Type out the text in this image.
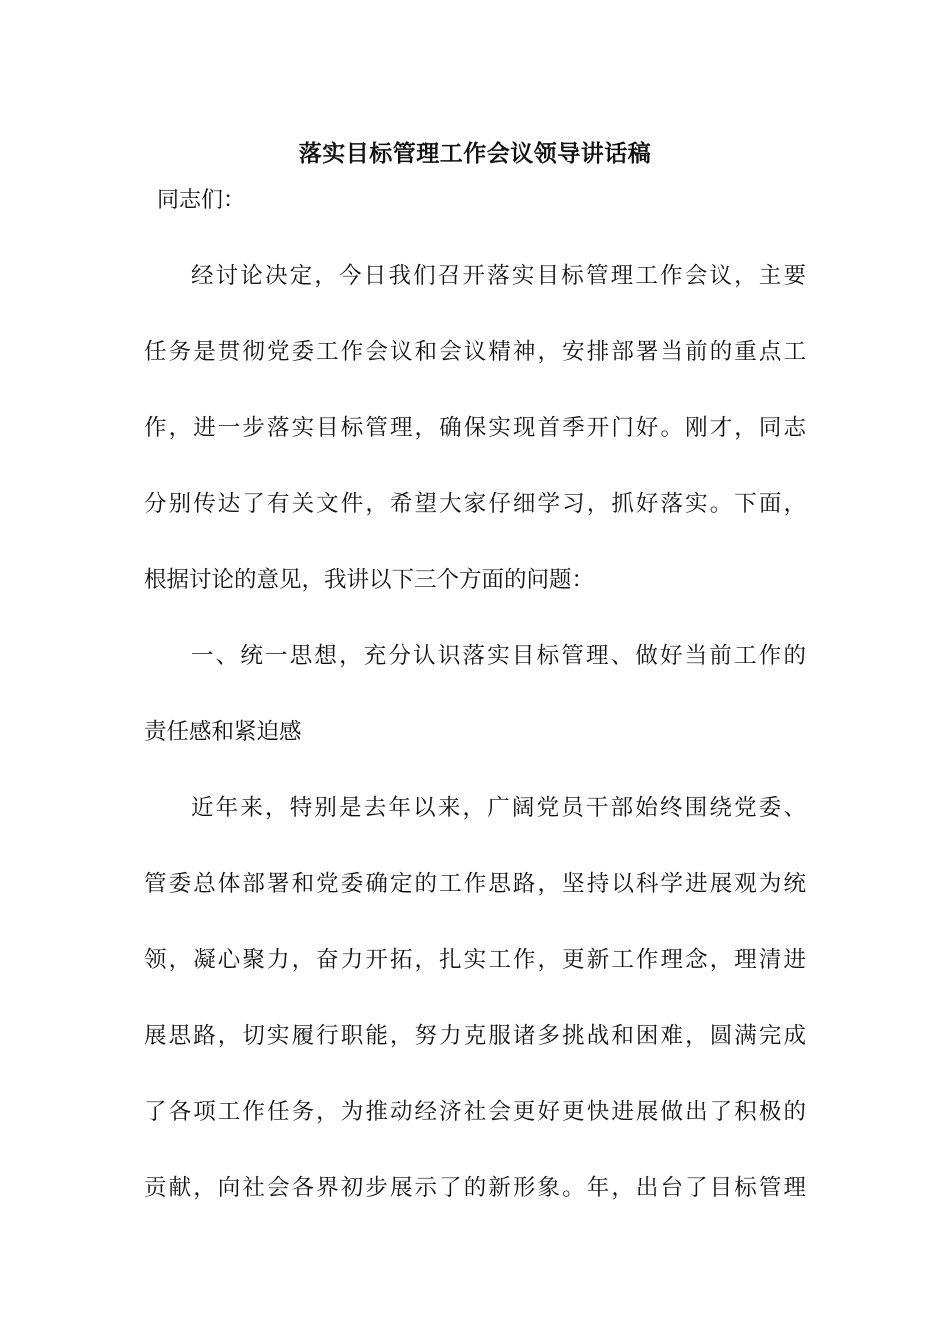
落实目标管理工作会议领导讲话稿
同志们：
经讨论决定，今日我们召开落实目标管理工作会议，主要
任务是贯彻党委工作会议和会议精神，安排部署当前的重点工
作，进一步落实目标管理，确保实现首季开门好。刚才，同志
分别传达了有关文件，希望大家仔细学习，抓好落实。下面，
根据讨论的意见，我讲以下三个方面的问题：
一、统一思想，充分认识落实目标管理、做好当前工作的
责任感和紧迫感
近年来，特别是去年以来，广阔党员干部始终围绕党委、
管委总体部署和党委确定的工作思路，坚持以科学进展观为统
领，凝心聚力，奋力开拓，扎实工作，更新工作理念，理清进
展思路，切实履行职能，努力克服诸多挑战和困难，圆满完成
了各项工作任务，为推动经济社会更好更快进展做出了积极的
贡献，向社会各界初步展示了的新形象。年，出台了目标管理
